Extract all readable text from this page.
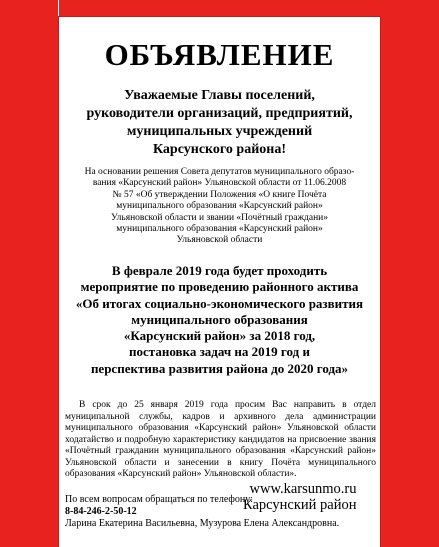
ОБЪЯВЛЕНИЕ
Уважаемые Главы поселений,
руководители организаций, предприятий,
муниципальных учреждений
Карсунского района!
На основании решения Совета депутатов муниципального образо-
вания «Карсунский район» Ульяновской области от 11.06.2008
№ 57 «Об утверждении Положения «О книге Почёта
муниципального образования «Карсунский район»
Ульяновской области и звании «Почётный граждани»
муниципального образования «Карсунский район»
Ульяновской области
В феврале 2019 года будет проходить
мероприятие по проведению районного актива
«Об итогах социально-экономического развития
муниципального образования
«Карсунский район» за 2018 год,
постановка задач на 2019 год и
перспектива развития района до 2020 года»
В срок до 25 января 2019 года просим Вас направить в отдел муниципальной службы, кадров и архивного дела администрации муниципального образования «Карсунский район» Ульяновской области ходатайство и подробную характеристику кандидатов на присвоение звания «Почётный гражданин муниципального образования «Карсунский район» Ульяновской области и занесении в книгу Почёта муниципального образования «Карсунский район» Ульяновской области».
По всем вопросам обращаться по телефону:
8-84-246-2-50-12
Ларина Екатерина Васильевна, Музурова Елена Александровна.
www.karsunmo.ru
Карсунский район
